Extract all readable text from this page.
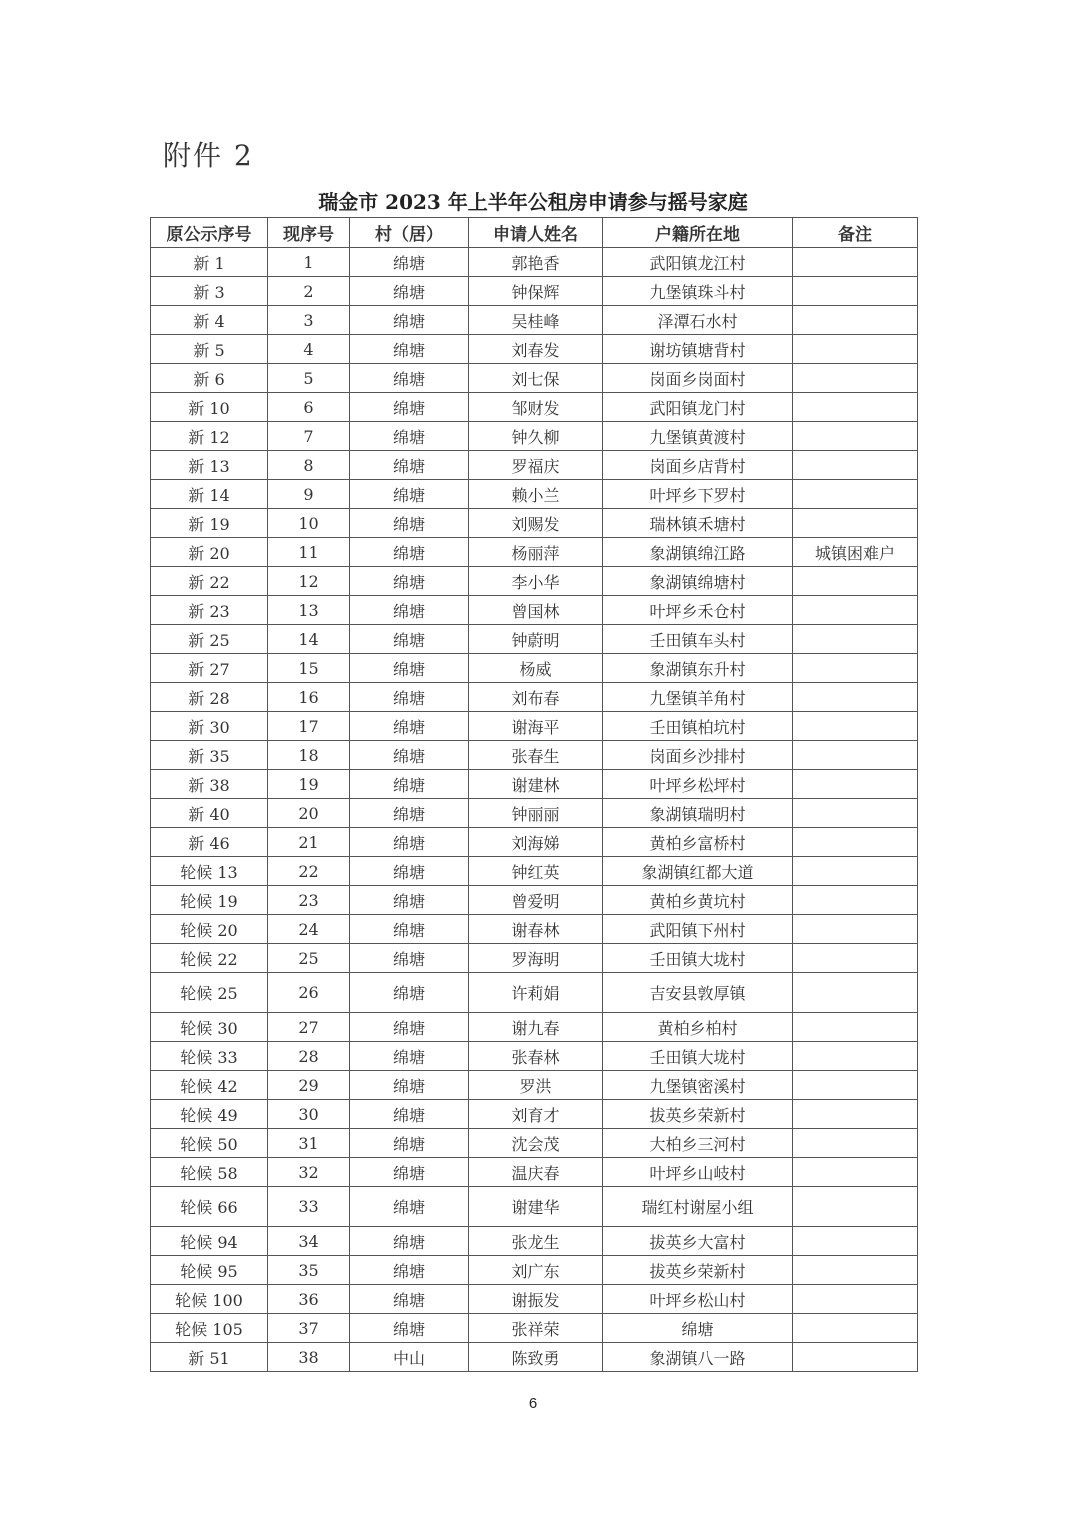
附件 2
瑞金市 2023 年上半年公租房申请参与摇号家庭
原公示序号	现序号	村（居）	申请人姓名	户籍所在地	备注
新 1	1	绵塘	郭艳香	武阳镇龙江村	
新 3	2	绵塘	钟保辉	九堡镇珠斗村	
新 4	3	绵塘	吴桂峰	泽潭石水村	
新 5	4	绵塘	刘春发	谢坊镇塘背村	
新 6	5	绵塘	刘七保	岗面乡岗面村	
新 10	6	绵塘	邹财发	武阳镇龙门村	
新 12	7	绵塘	钟久柳	九堡镇黄渡村	
新 13	8	绵塘	罗福庆	岗面乡店背村	
新 14	9	绵塘	赖小兰	叶坪乡下罗村	
新 19	10	绵塘	刘赐发	瑞林镇禾塘村	
新 20	11	绵塘	杨丽萍	象湖镇绵江路	城镇困难户
新 22	12	绵塘	李小华	象湖镇绵塘村	
新 23	13	绵塘	曾国林	叶坪乡禾仓村	
新 25	14	绵塘	钟蔚明	壬田镇车头村	
新 27	15	绵塘	杨威	象湖镇东升村	
新 28	16	绵塘	刘布春	九堡镇羊角村	
新 30	17	绵塘	谢海平	壬田镇柏坑村	
新 35	18	绵塘	张春生	岗面乡沙排村	
新 38	19	绵塘	谢建林	叶坪乡松坪村	
新 40	20	绵塘	钟丽丽	象湖镇瑞明村	
新 46	21	绵塘	刘海娣	黄柏乡富桥村	
轮候 13	22	绵塘	钟红英	象湖镇红都大道	
轮候 19	23	绵塘	曾爱明	黄柏乡黄坑村	
轮候 20	24	绵塘	谢春林	武阳镇下州村	
轮候 22	25	绵塘	罗海明	壬田镇大垅村	
轮候 25	26	绵塘	许莉娟	吉安县敦厚镇	
轮候 30	27	绵塘	谢九春	黄柏乡柏村	
轮候 33	28	绵塘	张春林	壬田镇大垅村	
轮候 42	29	绵塘	罗洪	九堡镇密溪村	
轮候 49	30	绵塘	刘育才	拔英乡荣新村	
轮候 50	31	绵塘	沈会茂	大柏乡三河村	
轮候 58	32	绵塘	温庆春	叶坪乡山岐村	
轮候 66	33	绵塘	谢建华	瑞红村谢屋小组	
轮候 94	34	绵塘	张龙生	拔英乡大富村	
轮候 95	35	绵塘	刘广东	拔英乡荣新村	
轮候 100	36	绵塘	谢振发	叶坪乡松山村	
轮候 105	37	绵塘	张祥荣	绵塘	
新 51	38	中山	陈致勇	象湖镇八一路	
6
